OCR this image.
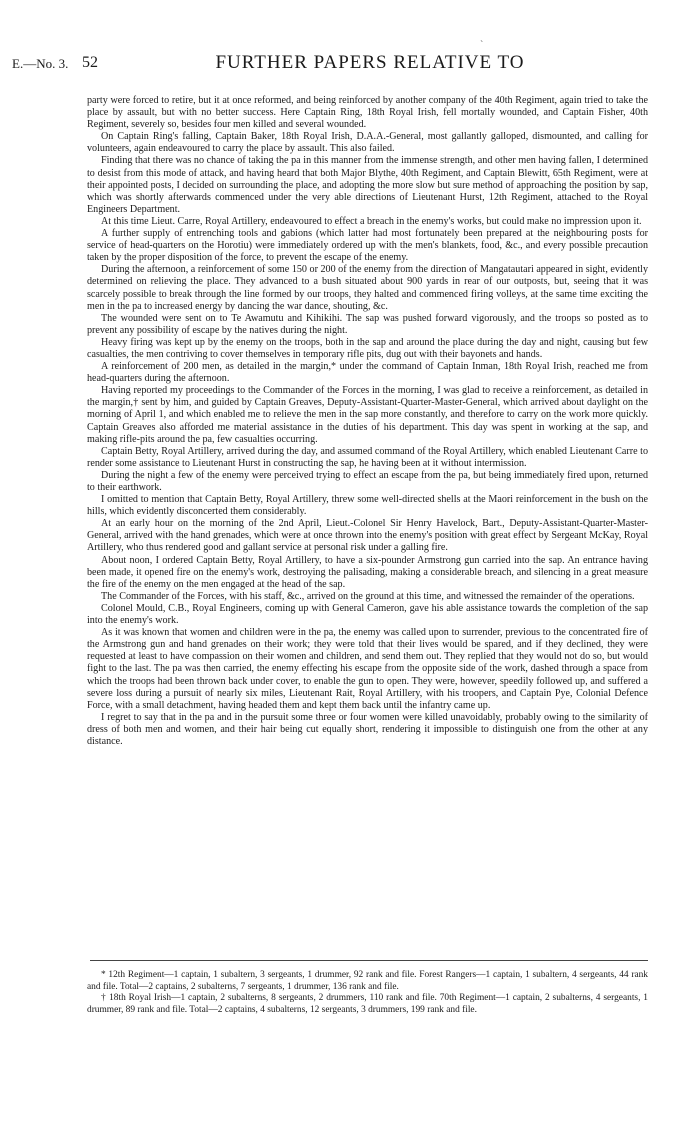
`
E.—No. 3. 52	FURTHER PAPERS RELATIVE TO

party were forced to retire, but it at once reformed, and being reinforced by another company of the 40th Regiment, again tried to take the place by assault, but with no better success. Here Captain Ring, 18th Royal Irish, fell mortally wounded, and Captain Fisher, 40th Regiment, severely so, besides four men killed and several wounded.

On Captain Ring's falling, Captain Baker, 18th Royal Irish, D.A.A.-General, most gallantly galloped, dismounted, and calling for volunteers, again endeavoured to carry the place by assault. This also failed.

Finding that there was no chance of taking the pa in this manner from the immense strength, and other men having fallen, I determined to desist from this mode of attack, and having heard that both Major Blythe, 40th Regiment, and Captain Blewitt, 65th Regiment, were at their appointed posts, I decided on surrounding the place, and adopting the more slow but sure method of approaching the position by sap, which was shortly afterwards commenced under the very able directions of Lieutenant Hurst, 12th Regiment, attached to the Royal Engineers Department.

At this time Lieut. Carre, Royal Artillery, endeavoured to effect a breach in the enemy's works, but could make no impression upon it.

A further supply of entrenching tools and gabions (which latter had most fortunately been prepared at the neighbouring posts for service of head-quarters on the Horotiu) were immediately ordered up with the men's blankets, food, &c., and every possible precaution taken by the proper disposition of the force, to prevent the escape of the enemy.

During the afternoon, a reinforcement of some 150 or 200 of the enemy from the direction of Mangatautari appeared in sight, evidently determined on relieving the place. They advanced to a bush situated about 900 yards in rear of our outposts, but, seeing that it was scarcely possible to break through the line formed by our troops, they halted and commenced firing volleys, at the same time exciting the men in the pa to increased energy by dancing the war dance, shouting, &c.

The wounded were sent on to Te Awamutu and Kihikihi. The sap was pushed forward vigorously, and the troops so posted as to prevent any possibility of escape by the natives during the night.

Heavy firing was kept up by the enemy on the troops, both in the sap and around the place during the day and night, causing but few casualties, the men contriving to cover themselves in temporary rifle pits, dug out with their bayonets and hands.

A reinforcement of 200 men, as detailed in the margin,* under the command of Captain Inman, 18th Royal Irish, reached me from head-quarters during the afternoon.

Having reported my proceedings to the Commander of the Forces in the morning, I was glad to receive a reinforcement, as detailed in the margin,† sent by him, and guided by Captain Greaves, Deputy-Assistant-Quarter-Master-General, which arrived about daylight on the morning of April 1, and which enabled me to relieve the men in the sap more constantly, and therefore to carry on the work more quickly. Captain Greaves also afforded me material assistance in the duties of his department. This day was spent in working at the sap, and making rifle-pits around the pa, few casualties occurring.

Captain Betty, Royal Artillery, arrived during the day, and assumed command of the Royal Artillery, which enabled Lieutenant Carre to render some assistance to Lieutenant Hurst in constructing the sap, he having been at it without intermission.

During the night a few of the enemy were perceived trying to effect an escape from the pa, but being immediately fired upon, returned to their earthwork.

I omitted to mention that Captain Betty, Royal Artillery, threw some well-directed shells at the Maori reinforcement in the bush on the hills, which evidently disconcerted them considerably.

At an early hour on the morning of the 2nd April, Lieut.-Colonel Sir Henry Havelock, Bart., Deputy-Assistant-Quarter-Master-General, arrived with the hand grenades, which were at once thrown into the enemy's position with great effect by Sergeant McKay, Royal Artillery, who thus rendered good and gallant service at personal risk under a galling fire.

About noon, I ordered Captain Betty, Royal Artillery, to have a six-pounder Armstrong gun carried into the sap. An entrance having been made, it opened fire on the enemy's work, destroying the palisading, making a considerable breach, and silencing in a great measure the fire of the enemy on the men engaged at the head of the sap.

The Commander of the Forces, with his staff, &c., arrived on the ground at this time, and witnessed the remainder of the operations.

Colonel Mould, C.B., Royal Engineers, coming up with General Cameron, gave his able assistance towards the completion of the sap into the enemy's work.

As it was known that women and children were in the pa, the enemy was called upon to surrender, previous to the concentrated fire of the Armstrong gun and hand grenades on their work; they were told that their lives would be spared, and if they declined, they were requested at least to have compassion on their women and children, and send them out. They replied that they would not do so, but would fight to the last. The pa was then carried, the enemy effecting his escape from the opposite side of the work, dashed through a space from which the troops had been thrown back under cover, to enable the gun to open. They were, however, speedily followed up, and suffered a severe loss during a pursuit of nearly six miles, Lieutenant Rait, Royal Artillery, with his troopers, and Captain Pye, Colonial Defence Force, with a small detachment, having headed them and kept them back until the infantry came up.

I regret to say that in the pa and in the pursuit some three or four women were killed unavoidably, probably owing to the similarity of dress of both men and women, and their hair being cut equally short, rendering it impossible to distinguish one from the other at any distance.

* 12th Regiment—1 captain, 1 subaltern, 3 sergeants, 1 drummer, 92 rank and file. Forest Rangers—1 captain, 1 subaltern, 4 sergeants, 44 rank and file. Total—2 captains, 2 subalterns, 7 sergeants, 1 drummer, 136 rank and file.

† 18th Royal Irish—1 captain, 2 subalterns, 8 sergeants, 2 drummers, 110 rank and file. 70th Regiment—1 captain, 2 subalterns, 4 sergeants, 1 drummer, 89 rank and file. Total—2 captains, 4 subalterns, 12 sergeants, 3 drummers, 199 rank and file.
